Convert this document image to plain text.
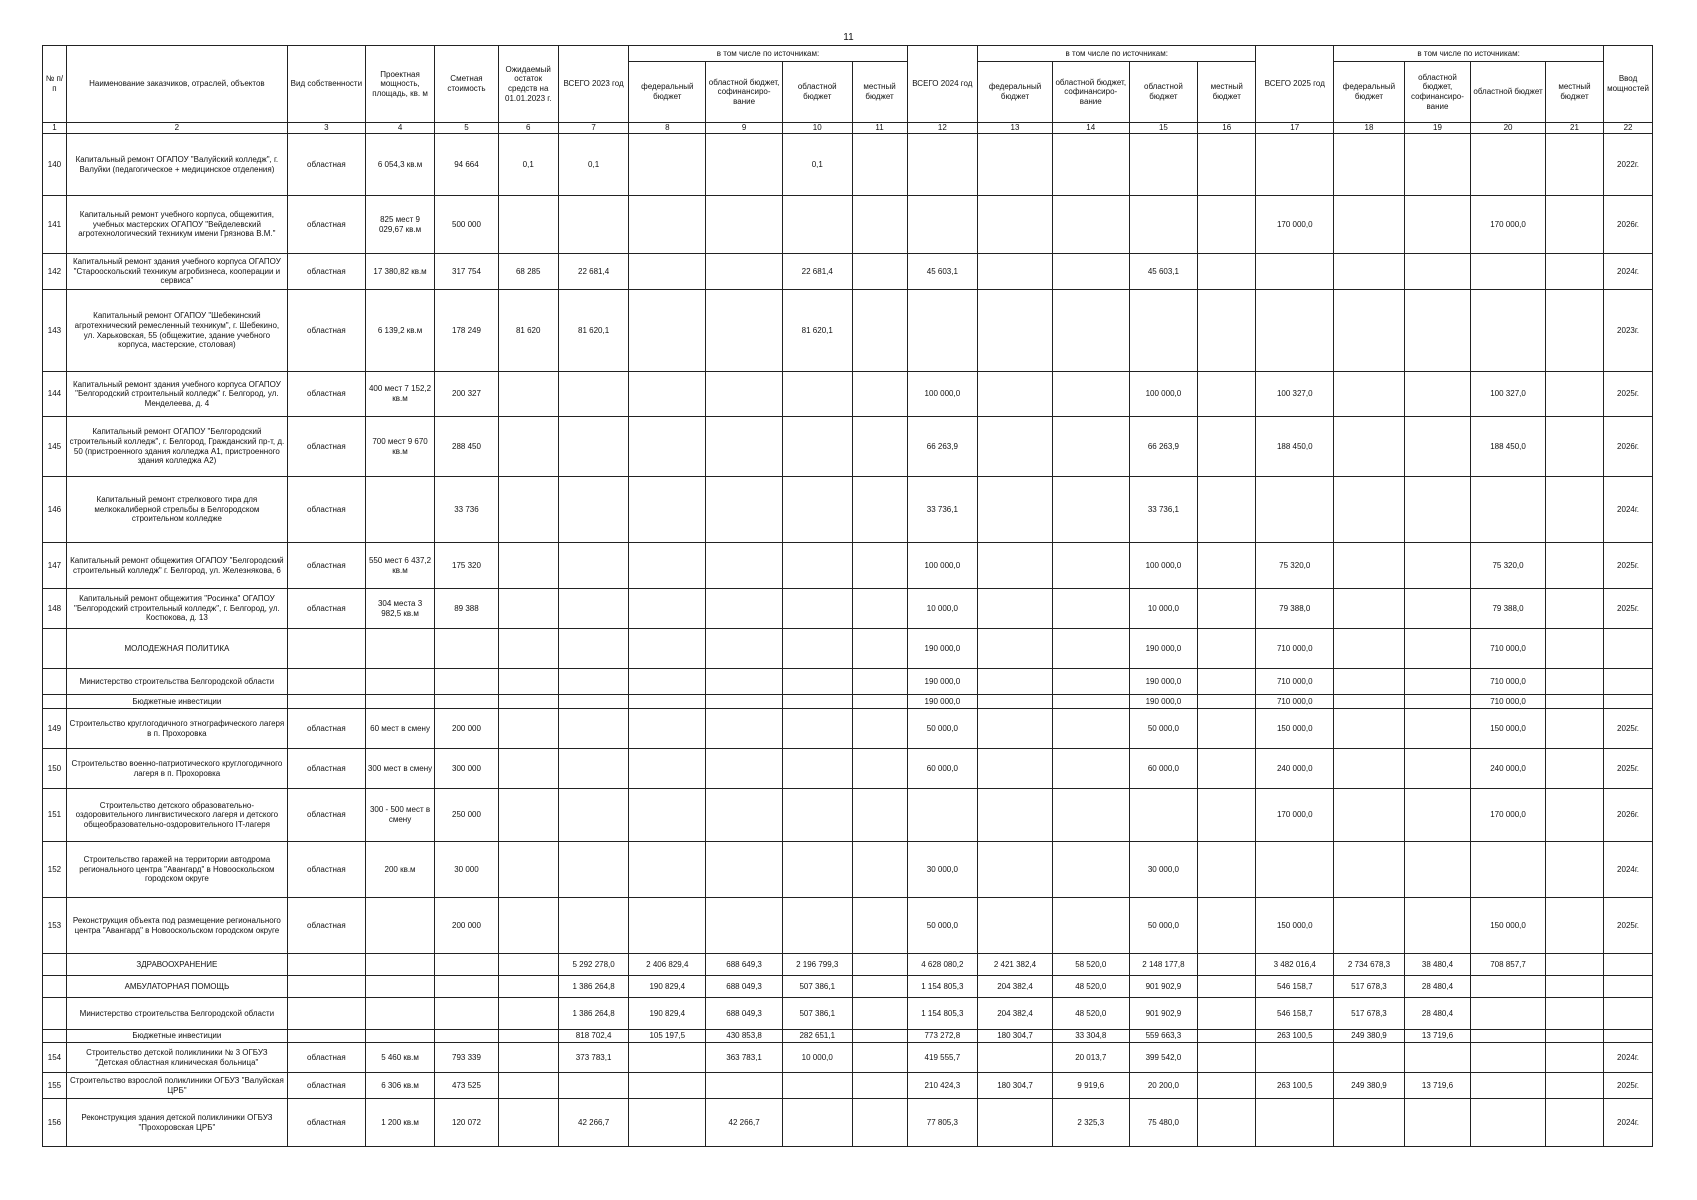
11
№ п/п	Наименование заказчиков, отраслей, объектов	Вид собственности	Проектная мощность, площадь, кв. м	Сметная стоимость	Ожидаемый остаток средств на 01.01.2023 г.	ВСЕГО 2023 год	в том числе по источникам:				ВСЕГО 2024 год	в том числе по источникам:				ВСЕГО 2025 год	в том числе по источникам:				Ввод мощностей
							федеральный бюджет	областной бюджет, софинансиро-вание	областной бюджет	местный бюджет		федеральный бюджет	областной бюджет, софинансиро-вание	областной бюджет	местный бюджет		федеральный бюджет	областной бюджет, софинансиро-вание	областной бюджет	местный бюджет	
1	2	3	4	5	6	7	8	9	10	11	12	13	14	15	16	17	18	19	20	21	22
140	Капитальный ремонт ОГАПОУ "Валуйский колледж", г. Валуйки (педагогическое + медицинское отделения)	областная	6 054,3 кв.м	94 664	0,1	0,1			0,1												2022г.
141	Капитальный ремонт учебного корпуса, общежития, учебных мастерских ОГАПОУ "Вейделевский агротехнологический техникум имени Грязнова В.М."	областная	825 мест 9 029,67 кв.м	500 000												170 000,0			170 000,0		2026г.
142	Капитальный ремонт здания учебного корпуса ОГАПОУ "Старооскольский техникум агробизнеса, кооперации и сервиса"	областная	17 380,82 кв.м	317 754	68 285	22 681,4			22 681,4		45 603,1			45 603,1							2024г.
143	Капитальный ремонт ОГАПОУ "Шебекинский агротехнический ремесленный техникум", г. Шебекино, ул. Харьковская, 55 (общежитие, здание учебного корпуса, мастерские, столовая)	областная	6 139,2 кв.м	178 249	81 620	81 620,1			81 620,1												2023г.
144	Капитальный ремонт здания учебного корпуса ОГАПОУ "Белгородский строительный колледж" г. Белгород, ул. Менделеева, д. 4	областная	400 мест 7 152,2 кв.м	200 327							100 000,0			100 000,0		100 327,0			100 327,0		2025г.
145	Капитальный ремонт ОГАПОУ "Белгородский строительный колледж", г. Белгород, Гражданский пр-т, д. 50 (пристроенного здания колледжа А1, пристроенного здания колледжа А2)	областная	700 мест 9 670 кв.м	288 450							66 263,9			66 263,9		188 450,0			188 450,0		2026г.
146	Капитальный ремонт стрелкового тира для мелкокалиберной стрельбы в Белгородском строительном колледже	областная		33 736							33 736,1			33 736,1							2024г.
147	Капитальный ремонт общежития ОГАПОУ "Белгородский строительный колледж" г. Белгород, ул. Железнякова, 6	областная	550 мест 6 437,2 кв.м	175 320							100 000,0			100 000,0		75 320,0			75 320,0		2025г.
148	Капитальный ремонт общежития "Росинка" ОГАПОУ "Белгородский строительный колледж", г. Белгород, ул. Костюкова, д. 13	областная	304 места 3 982,5 кв.м	89 388							10 000,0			10 000,0		79 388,0			79 388,0		2025г.
	МОЛОДЕЖНАЯ ПОЛИТИКА										190 000,0			190 000,0		710 000,0			710 000,0		
	Министерство строительства Белгородской области										190 000,0			190 000,0		710 000,0			710 000,0		
	Бюджетные инвестиции										190 000,0			190 000,0		710 000,0			710 000,0		
149	Строительство круглогодичного этнографического лагеря в п. Прохоровка	областная	60 мест в смену	200 000							50 000,0			50 000,0		150 000,0			150 000,0		2025г.
150	Строительство военно-патриотического круглогодичного лагеря в п. Прохоровка	областная	300 мест в смену	300 000							60 000,0			60 000,0		240 000,0			240 000,0		2025г.
151	Строительство детского образовательно-оздоровительного лингвистического лагеря и детского общеобразовательно-оздоровительного IT-лагеря	областная	300 - 500 мест в смену	250 000												170 000,0			170 000,0		2026г.
152	Строительство гаражей на территории автодрома регионального центра "Авангард" в Новооскольском городском округе	областная	200 кв.м	30 000							30 000,0			30 000,0							2024г.
153	Реконструкция объекта под размещение регионального центра "Авангард" в Новооскольском городском округе	областная		200 000							50 000,0			50 000,0		150 000,0			150 000,0		2025г.
	ЗДРАВООХРАНЕНИЕ					5 292 278,0	2 406 829,4	688 649,3	2 196 799,3		4 628 080,2	2 421 382,4	58 520,0	2 148 177,8		3 482 016,4	2 734 678,3	38 480,4	708 857,7		
	АМБУЛАТОРНАЯ ПОМОЩЬ					1 386 264,8	190 829,4	688 049,3	507 386,1		1 154 805,3	204 382,4	48 520,0	901 902,9		546 158,7	517 678,3	28 480,4			
	Министерство строительства Белгородской области					1 386 264,8	190 829,4	688 049,3	507 386,1		1 154 805,3	204 382,4	48 520,0	901 902,9		546 158,7	517 678,3	28 480,4			
	Бюджетные инвестиции					818 702,4	105 197,5	430 853,8	282 651,1		773 272,8	180 304,7	33 304,8	559 663,3		263 100,5	249 380,9	13 719,6			
154	Строительство детской поликлиники № 3 ОГБУЗ "Детская областная клиническая больница"	областная	5 460 кв.м	793 339		373 783,1		363 783,1	10 000,0		419 555,7		20 013,7	399 542,0							2024г.
155	Строительство взрослой поликлиники ОГБУЗ "Валуйская ЦРБ"	областная	6 306 кв.м	473 525							210 424,3	180 304,7	9 919,6	20 200,0		263 100,5	249 380,9	13 719,6			2025г.
156	Реконструкция здания детской поликлиники ОГБУЗ "Прохоровская ЦРБ"	областная	1 200 кв.м	120 072		42 266,7		42 266,7			77 805,3		2 325,3	75 480,0							2024г.
